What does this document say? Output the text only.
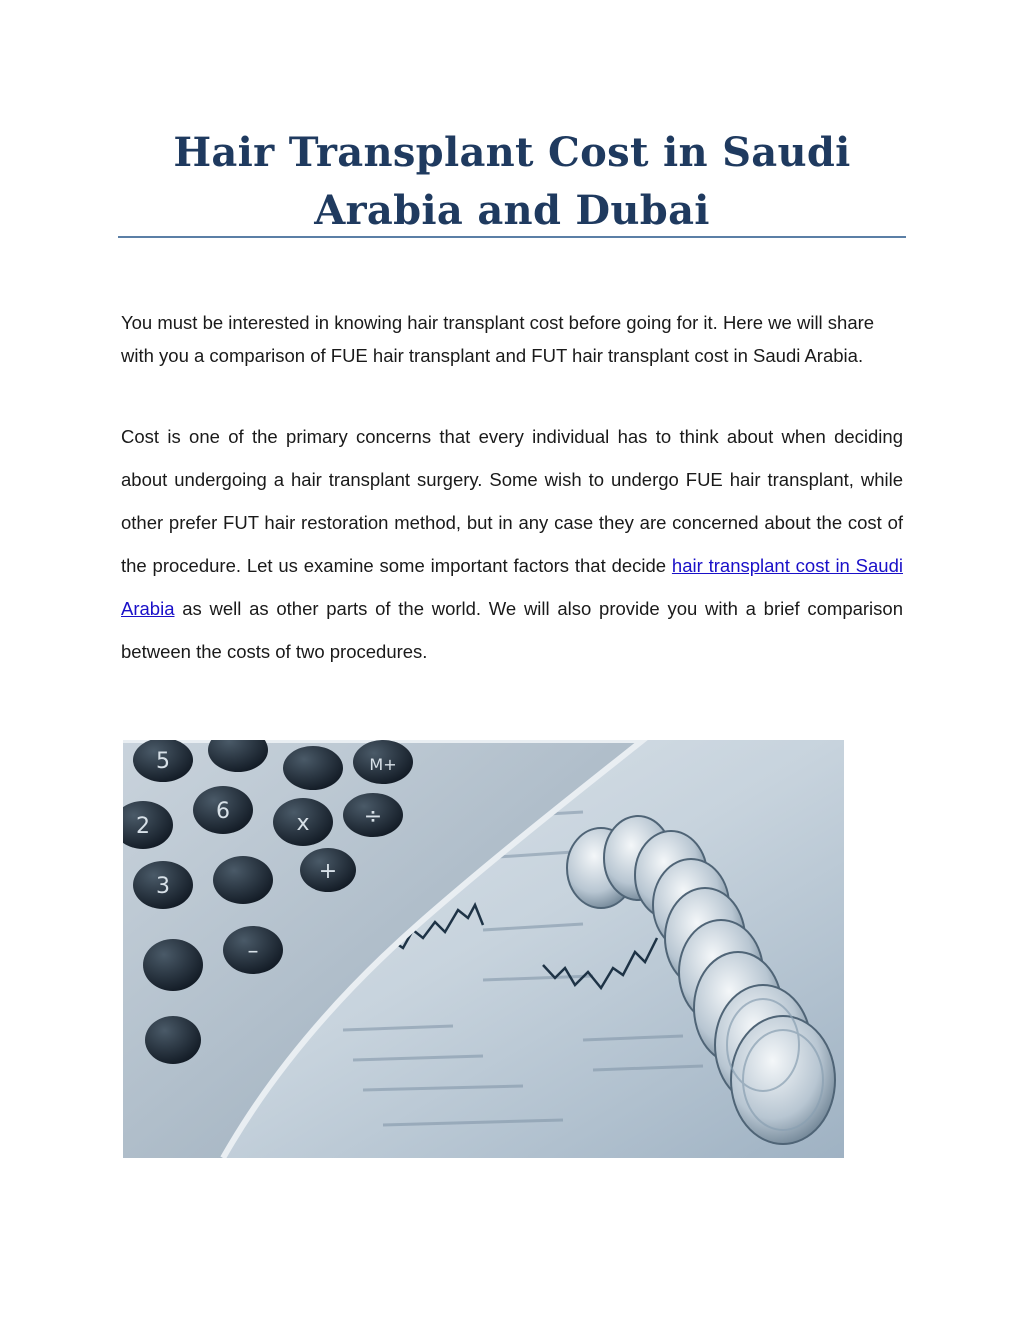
Hair Transplant Cost in Saudi
Arabia and Dubai

You must be interested in knowing hair transplant cost before going for it. Here we will share with you a comparison of FUE hair transplant and FUT hair transplant cost in Saudi Arabia.

Cost is one of the primary concerns that every individual has to think about when deciding about undergoing a hair transplant surgery. Some wish to undergo FUE hair transplant, while other prefer FUT hair restoration method, but in any case they are concerned about the cost of the procedure. Let us examine some important factors that decide hair transplant cost in Saudi Arabia as well as other parts of the world. We will also provide you with a brief comparison between the costs of two procedures.

5
6
M+
2
3
x ÷
+
–
